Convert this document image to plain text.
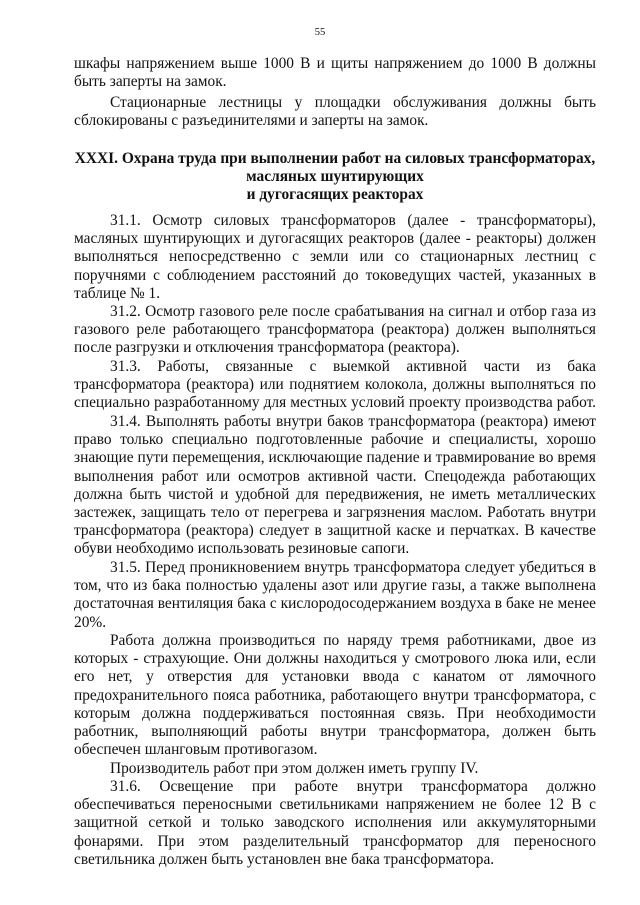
55
шкафы напряжением выше 1000 В и щиты напряжением до 1000 В должны
быть заперты на замок.
Стационарные лестницы у площадки обслуживания должны быть
сблокированы с разъединителями и заперты на замок.
XXXI. Охрана труда при выполнении работ на силовых трансформаторах,
масляных шунтирующих
и дугогасящих реакторах
31.1. Осмотр силовых трансформаторов (далее - трансформаторы),
масляных шунтирующих и дугогасящих реакторов (далее - реакторы) должен
выполняться непосредственно с земли или со стационарных лестниц с
поручнями с соблюдением расстояний до токоведущих частей, указанных в
таблице № 1.
31.2. Осмотр газового реле после срабатывания на сигнал и отбор газа из
газового реле работающего трансформатора (реактора) должен выполняться
после разгрузки и отключения трансформатора (реактора).
31.3. Работы, связанные с выемкой активной части из бака
трансформатора (реактора) или поднятием колокола, должны выполняться по
специально разработанному для местных условий проекту производства работ.
31.4. Выполнять работы внутри баков трансформатора (реактора) имеют
право только специально подготовленные рабочие и специалисты, хорошо
знающие пути перемещения, исключающие падение и травмирование во время
выполнения работ или осмотров активной части. Спецодежда работающих
должна быть чистой и удобной для передвижения, не иметь металлических
застежек, защищать тело от перегрева и загрязнения маслом. Работать внутри
трансформатора (реактора) следует в защитной каске и перчатках. В качестве
обуви необходимо использовать резиновые сапоги.
31.5. Перед проникновением внутрь трансформатора следует убедиться в
том, что из бака полностью удалены азот или другие газы, а также выполнена
достаточная вентиляция бака с кислородосодержанием воздуха в баке не менее
20%.
Работа должна производиться по наряду тремя работниками, двое из
которых - страхующие. Они должны находиться у смотрового люка или, если
его нет, у отверстия для установки ввода с канатом от лямочного
предохранительного пояса работника, работающего внутри трансформатора, с
которым должна поддерживаться постоянная связь. При необходимости
работник, выполняющий работы внутри трансформатора, должен быть
обеспечен шланговым противогазом.
Производитель работ при этом должен иметь группу IV.
31.6. Освещение при работе внутри трансформатора должно
обеспечиваться переносными светильниками напряжением не более 12 В с
защитной сеткой и только заводского исполнения или аккумуляторными
фонарями. При этом разделительный трансформатор для переносного
светильника должен быть установлен вне бака трансформатора.
